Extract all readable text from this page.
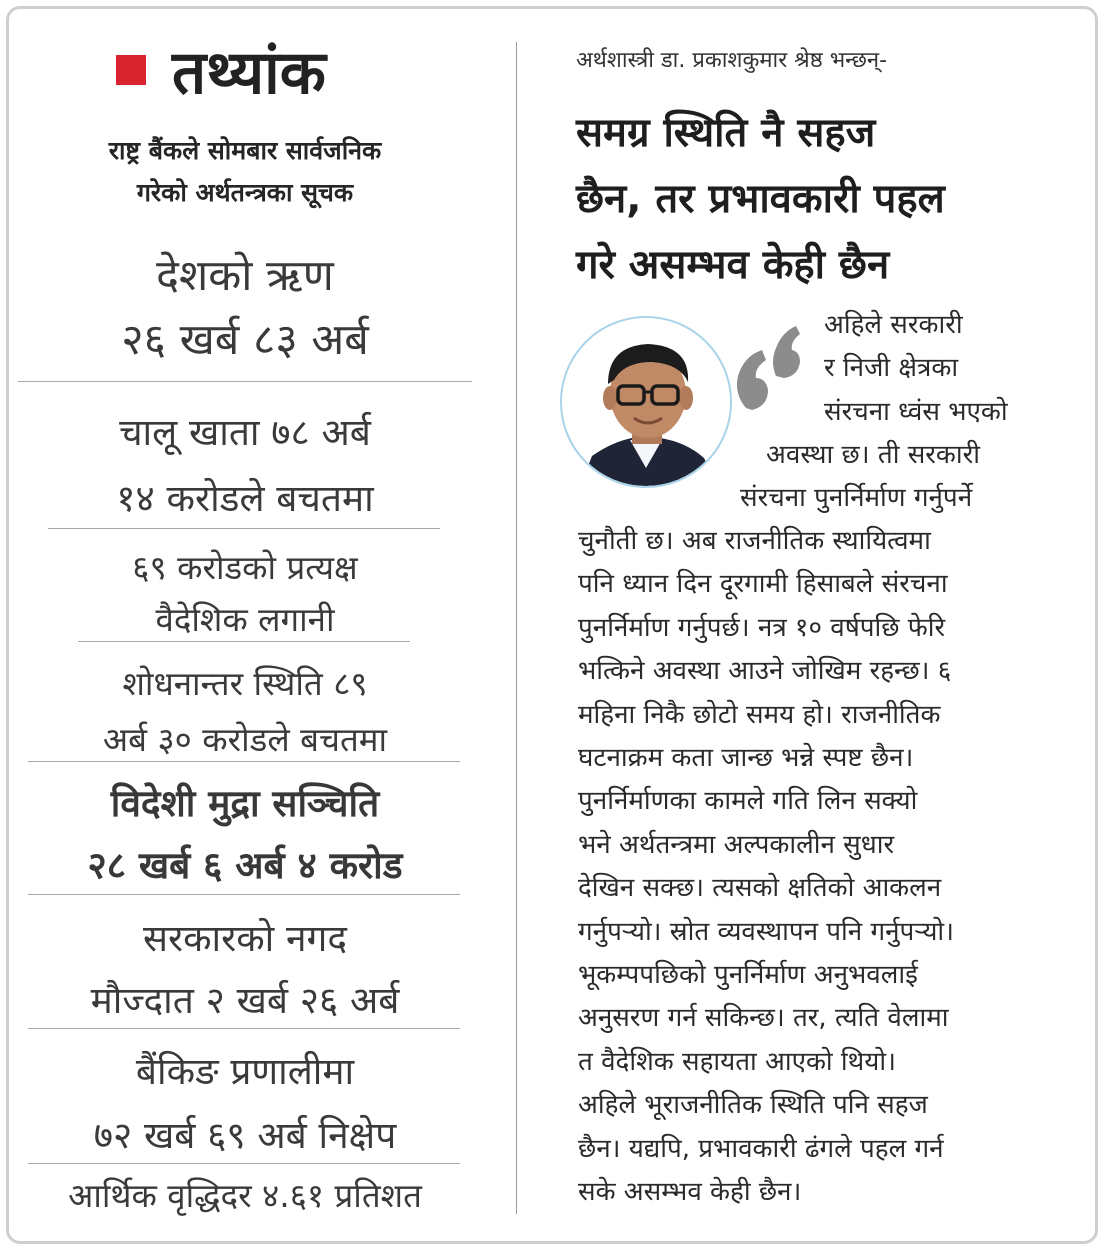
तथ्यांक
राष्ट्र बैंकले सोमबार सार्वजनिक
गरेको अर्थतन्त्रका सूचक
देशको ऋण
२६ खर्ब ८३ अर्ब
चालू खाता ७८ अर्ब
१४ करोडले बचतमा
६९ करोडको प्रत्यक्ष
वैदेशिक लगानी
शोधनान्तर स्थिति ८९
अर्ब ३० करोडले बचतमा
विदेशी मुद्रा सञ्चिति
२८ खर्ब ६ अर्ब ४ करोड
सरकारको नगद
मौज्दात २ खर्ब २६ अर्ब
बैंकिङ प्रणालीमा
७२ खर्ब ६९ अर्ब निक्षेप
आर्थिक वृद्धिदर ४.६१ प्रतिशत
अर्थशास्त्री डा. प्रकाशकुमार श्रेष्ठ भन्छन्-
समग्र स्थिति नै सहज
छैन, तर प्रभावकारी पहल
गरे असम्भव केही छैन
अहिले सरकारी
र निजी क्षेत्रका
संरचना ध्वंस भएको
अवस्था छ। ती सरकारी
संरचना पुनर्निर्माण गर्नुपर्ने
चुनौती छ। अब राजनीतिक स्थायित्वमा
पनि ध्यान दिन दूरगामी हिसाबले संरचना
पुनर्निर्माण गर्नुपर्छ। नत्र १० वर्षपछि फेरि
भत्किने अवस्था आउने जोखिम रहन्छ। ६
महिना निकै छोटो समय हो। राजनीतिक
घटनाक्रम कता जान्छ भन्ने स्पष्ट छैन।
पुनर्निर्माणका कामले गति लिन सक्यो
भने अर्थतन्त्रमा अल्पकालीन सुधार
देखिन सक्छ। त्यसको क्षतिको आकलन
गर्नुपर्‍यो। स्रोत व्यवस्थापन पनि गर्नुपर्‍यो।
भूकम्पपछिको पुनर्निर्माण अनुभवलाई
अनुसरण गर्न सकिन्छ। तर, त्यति वेलामा
त वैदेशिक सहायता आएको थियो।
अहिले भूराजनीतिक स्थिति पनि सहज
छैन। यद्यपि, प्रभावकारी ढंगले पहल गर्न
सके असम्भव केही छैन।
